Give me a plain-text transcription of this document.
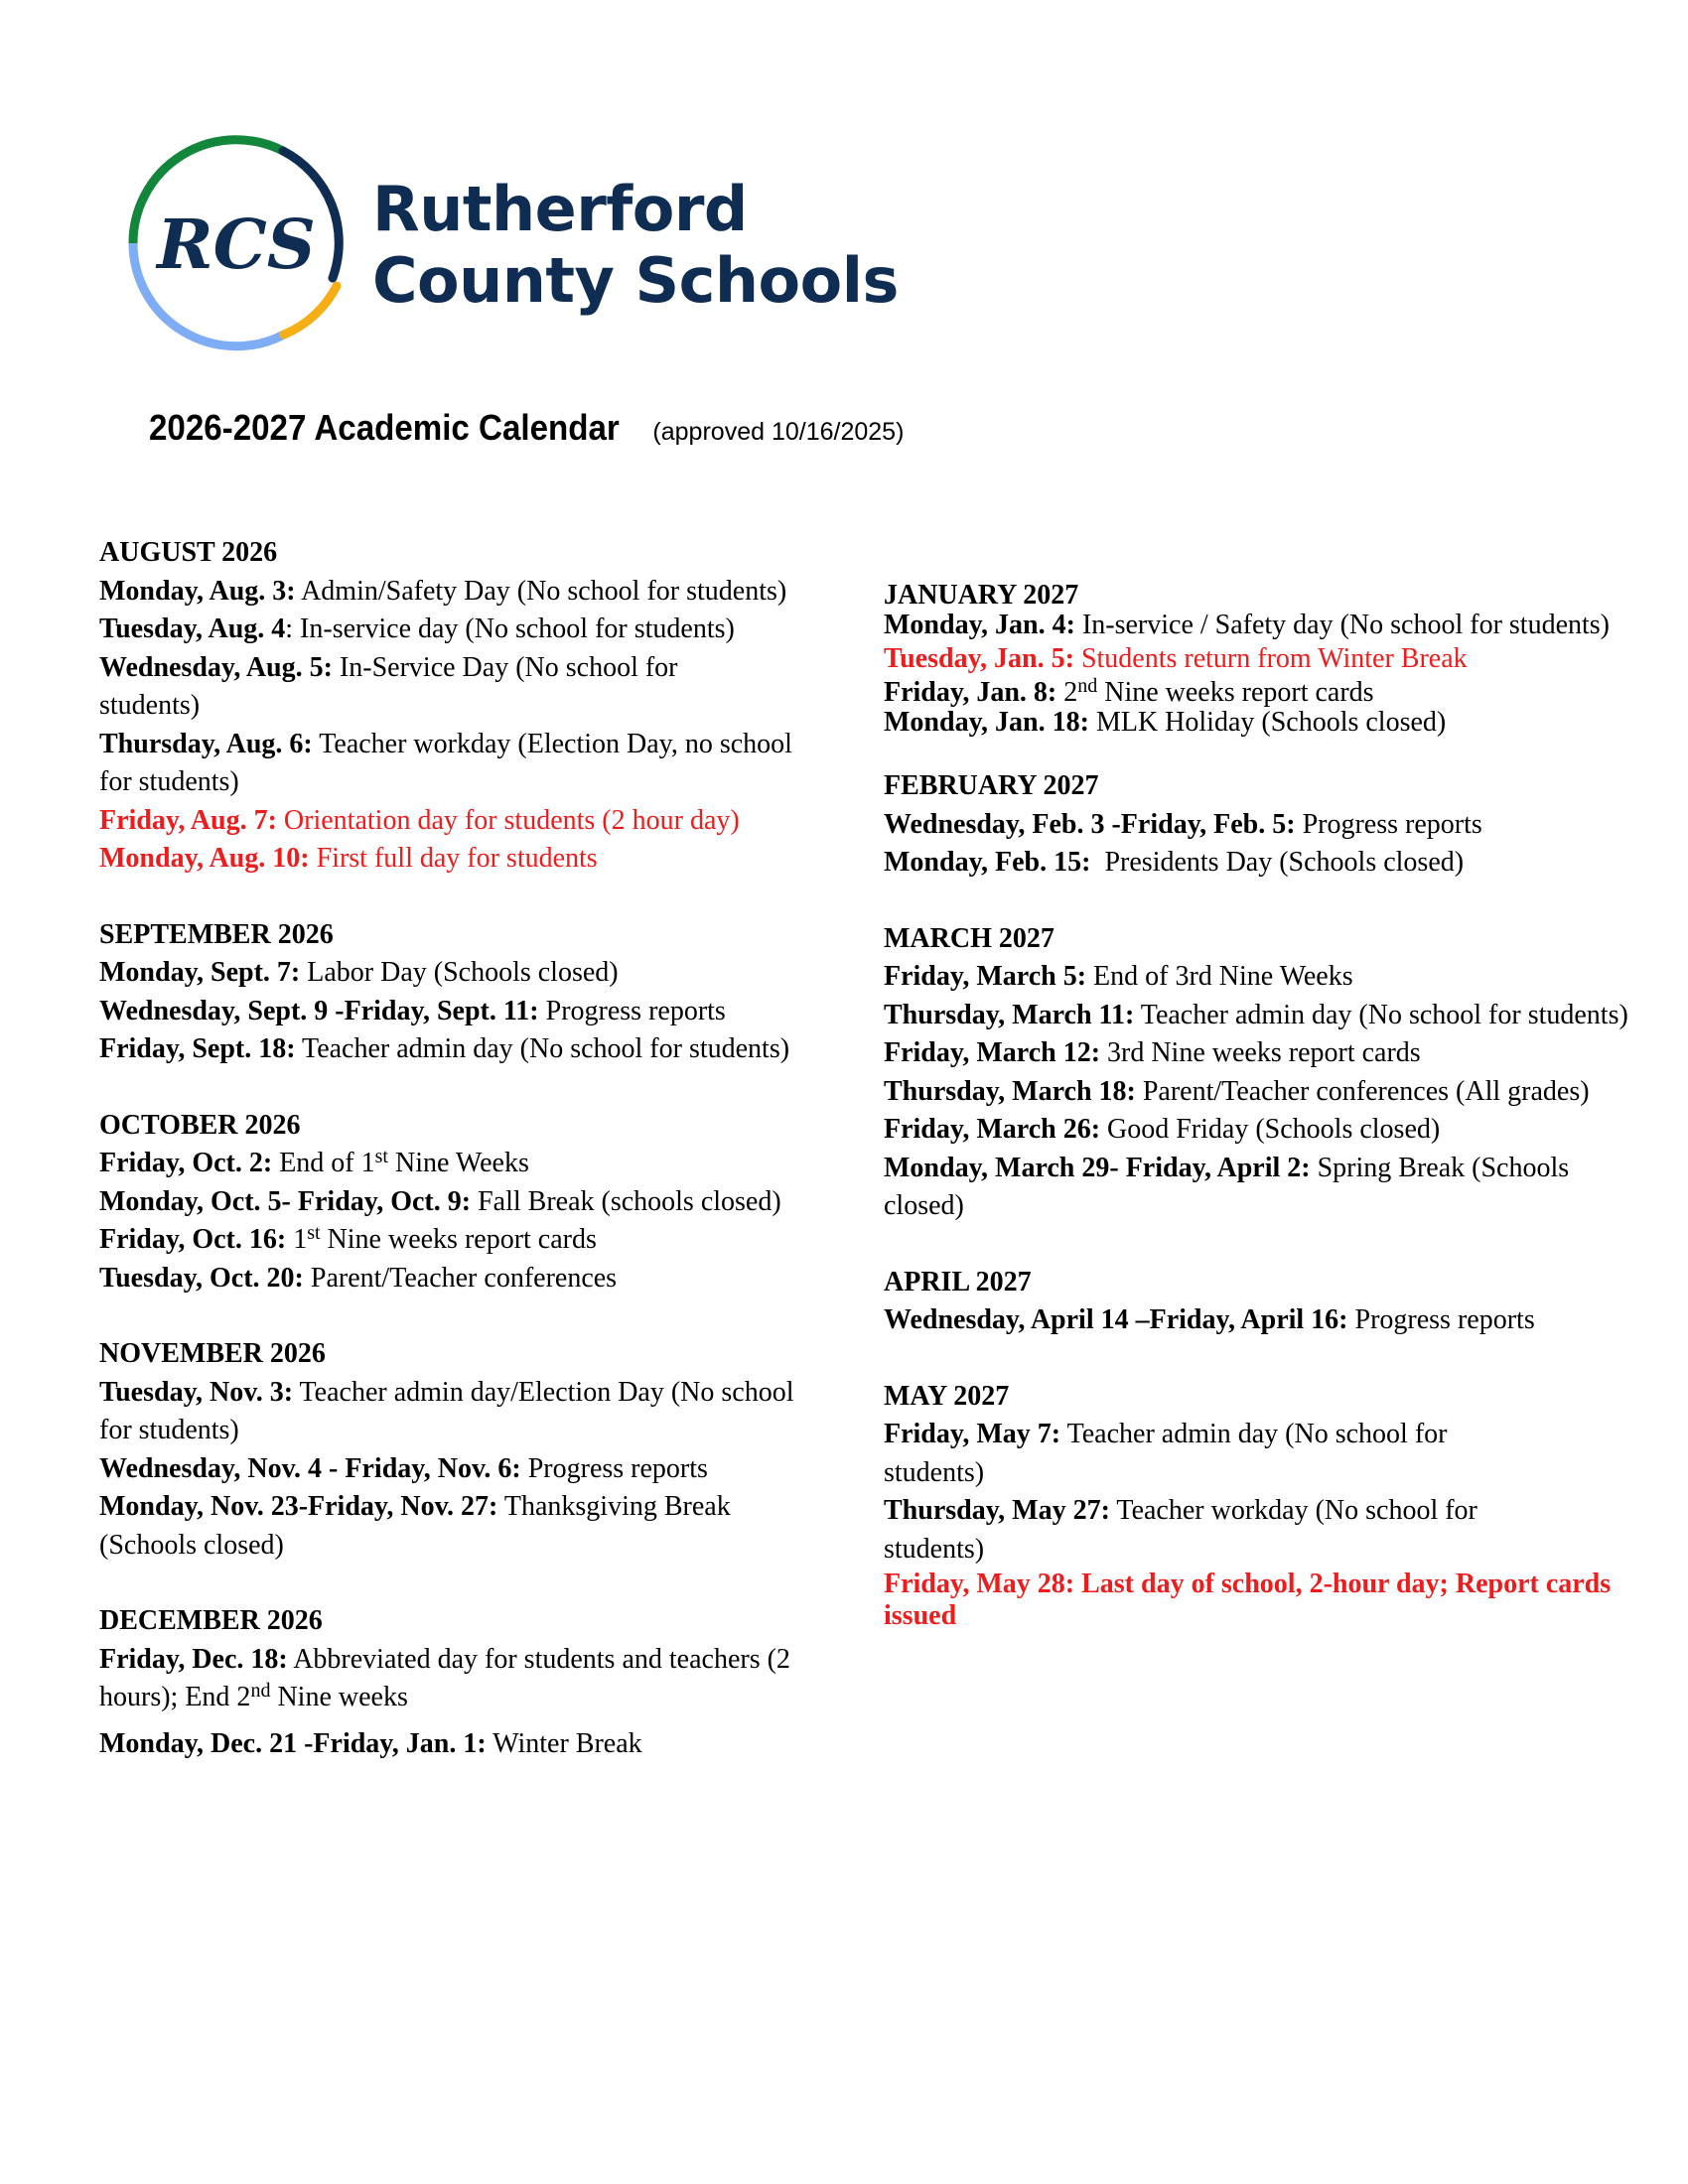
RCS Rutherford
County Schools
2026-2027 Academic Calendar (approved 10/16/2025)
AUGUST 2026
Monday, Aug. 3: Admin/Safety Day (No school for students)
Tuesday, Aug. 4: In-service day (No school for students)
Wednesday, Aug. 5: In-Service Day (No school for students)
Thursday, Aug. 6: Teacher workday (Election Day, no school for students)
Friday, Aug. 7: Orientation day for students (2 hour day)
Monday, Aug. 10: First full day for students
SEPTEMBER 2026
Monday, Sept. 7: Labor Day (Schools closed)
Wednesday, Sept. 9 -Friday, Sept. 11: Progress reports
Friday, Sept. 18: Teacher admin day (No school for students)
OCTOBER 2026
Friday, Oct. 2: End of 1st Nine Weeks
Monday, Oct. 5- Friday, Oct. 9: Fall Break (schools closed)
Friday, Oct. 16: 1st Nine weeks report cards
Tuesday, Oct. 20: Parent/Teacher conferences
NOVEMBER 2026
Tuesday, Nov. 3: Teacher admin day/Election Day (No school for students)
Wednesday, Nov. 4 - Friday, Nov. 6: Progress reports
Monday, Nov. 23-Friday, Nov. 27: Thanksgiving Break (Schools closed)
DECEMBER 2026
Friday, Dec. 18: Abbreviated day for students and teachers (2 hours); End 2nd Nine weeks
Monday, Dec. 21 -Friday, Jan. 1: Winter Break
JANUARY 2027
Monday, Jan. 4: In-service / Safety day (No school for students)
Tuesday, Jan. 5: Students return from Winter Break
Friday, Jan. 8: 2nd Nine weeks report cards
Monday, Jan. 18: MLK Holiday (Schools closed)
FEBRUARY 2027
Wednesday, Feb. 3 -Friday, Feb. 5: Progress reports
Monday, Feb. 15:  Presidents Day (Schools closed)
MARCH 2027
Friday, March 5: End of 3rd Nine Weeks
Thursday, March 11: Teacher admin day (No school for students)
Friday, March 12: 3rd Nine weeks report cards
Thursday, March 18: Parent/Teacher conferences (All grades)
Friday, March 26: Good Friday (Schools closed)
Monday, March 29- Friday, April 2: Spring Break (Schools closed)
APRIL 2027
Wednesday, April 14 –Friday, April 16: Progress reports
MAY 2027
Friday, May 7: Teacher admin day (No school for students)
Thursday, May 27: Teacher workday (No school for students)
Friday, May 28: Last day of school, 2-hour day; Report cards issued
